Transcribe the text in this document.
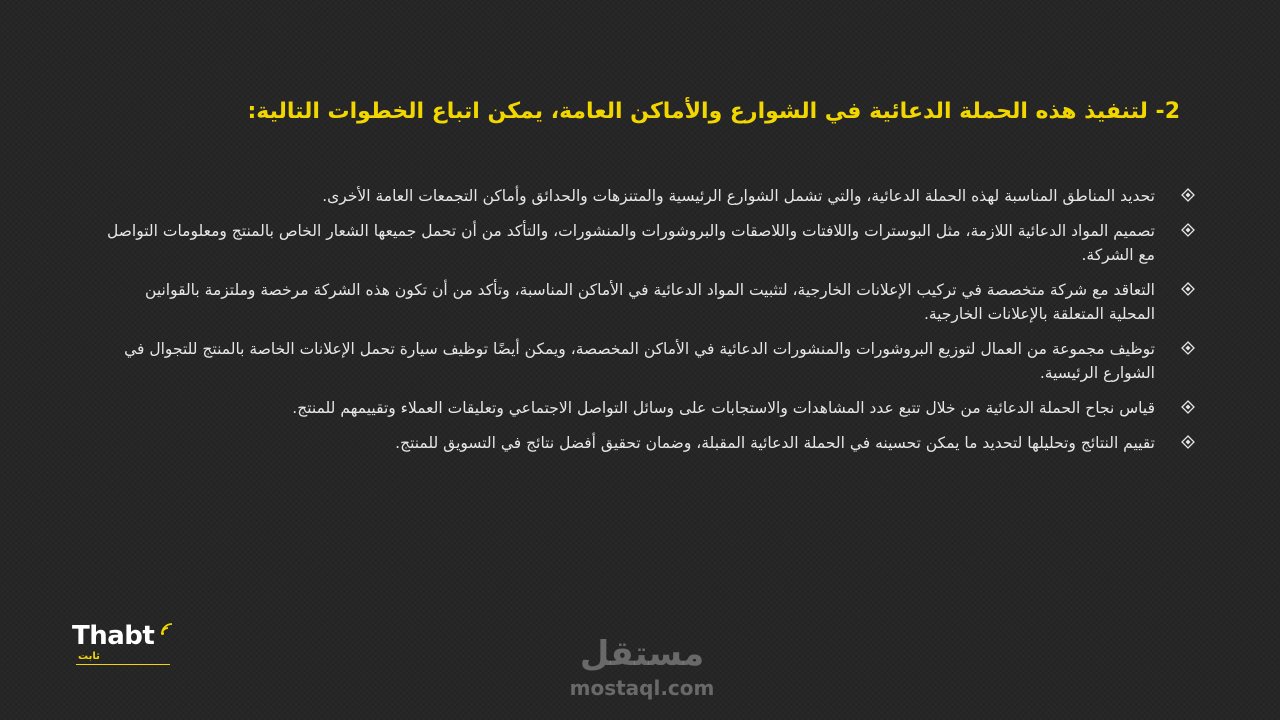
2- لتنفيذ هذه الحملة الدعائية في الشوارع والأماكن العامة، يمكن اتباع الخطوات التالية:
تحديد المناطق المناسبة لهذه الحملة الدعائية، والتي تشمل الشوارع الرئيسية والمتنزهات والحدائق وأماكن التجمعات العامة الأخرى.
تصميم المواد الدعائية اللازمة، مثل البوسترات واللافتات واللاصقات والبروشورات والمنشورات، والتأكد من أن تحمل جميعها الشعار الخاص بالمنتج ومعلومات التواصل مع الشركة.
التعاقد مع شركة متخصصة في تركيب الإعلانات الخارجية، لتثبيت المواد الدعائية في الأماكن المناسبة، وتأكد من أن تكون هذه الشركة مرخصة وملتزمة بالقوانين المحلية المتعلقة بالإعلانات الخارجية.
توظيف مجموعة من العمال لتوزيع البروشورات والمنشورات الدعائية في الأماكن المخصصة، ويمكن أيضًا توظيف سيارة تحمل الإعلانات الخاصة بالمنتج للتجوال في الشوارع الرئيسية.
قياس نجاح الحملة الدعائية من خلال تتبع عدد المشاهدات والاستجابات على وسائل التواصل الاجتماعي وتعليقات العملاء وتقييمهم للمنتج.
تقييم النتائج وتحليلها لتحديد ما يمكن تحسينه في الحملة الدعائية المقبلة، وضمان تحقيق أفضل نتائج في التسويق للمنتج.
Thabt
ثابت	مستقل
mostaql.com
